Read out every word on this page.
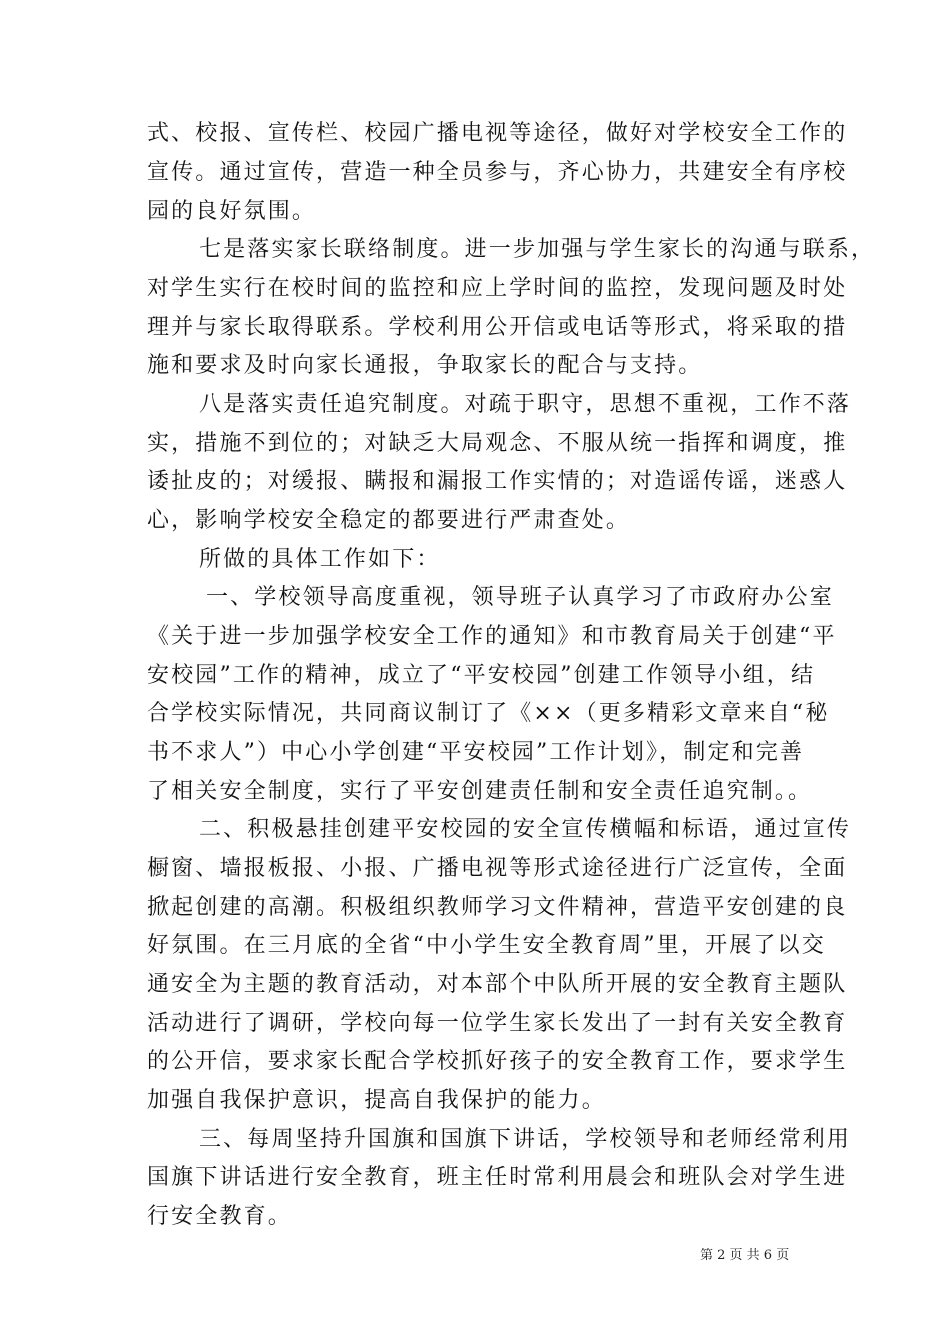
式、校报、宣传栏、校园广播电视等途径，做好对学校安全工作的
宣传。通过宣传，营造一种全员参与，齐心协力，共建安全有序校
园的良好氛围。
七是落实家长联络制度。进一步加强与学生家长的沟通与联系，
对学生实行在校时间的监控和应上学时间的监控，发现问题及时处
理并与家长取得联系。学校利用公开信或电话等形式，将采取的措
施和要求及时向家长通报，争取家长的配合与支持。
八是落实责任追究制度。对疏于职守，思想不重视，工作不落
实，措施不到位的；对缺乏大局观念、不服从统一指挥和调度，推
诿扯皮的；对缓报、瞒报和漏报工作实情的；对造谣传谣，迷惑人
心，影响学校安全稳定的都要进行严肃查处。
所做的具体工作如下：
一、学校领导高度重视，领导班子认真学习了市政府办公室
《关于进一步加强学校安全工作的通知》和市教育局关于创建“平
安校园”工作的精神，成立了“平安校园”创建工作领导小组，结
合学校实际情况，共同商议制订了《××（更多精彩文章来自“秘
书不求人”）中心小学创建“平安校园”工作计划》，制定和完善
了相关安全制度，实行了平安创建责任制和安全责任追究制。。
二、积极悬挂创建平安校园的安全宣传横幅和标语，通过宣传
橱窗、墙报板报、小报、广播电视等形式途径进行广泛宣传，全面
掀起创建的高潮。积极组织教师学习文件精神，营造平安创建的良
好氛围。在三月底的全省“中小学生安全教育周”里，开展了以交
通安全为主题的教育活动，对本部个中队所开展的安全教育主题队
活动进行了调研，学校向每一位学生家长发出了一封有关安全教育
的公开信，要求家长配合学校抓好孩子的安全教育工作，要求学生
加强自我保护意识，提高自我保护的能力。
三、每周坚持升国旗和国旗下讲话，学校领导和老师经常利用
国旗下讲话进行安全教育，班主任时常利用晨会和班队会对学生进
行安全教育。
第 2 页 共 6 页
